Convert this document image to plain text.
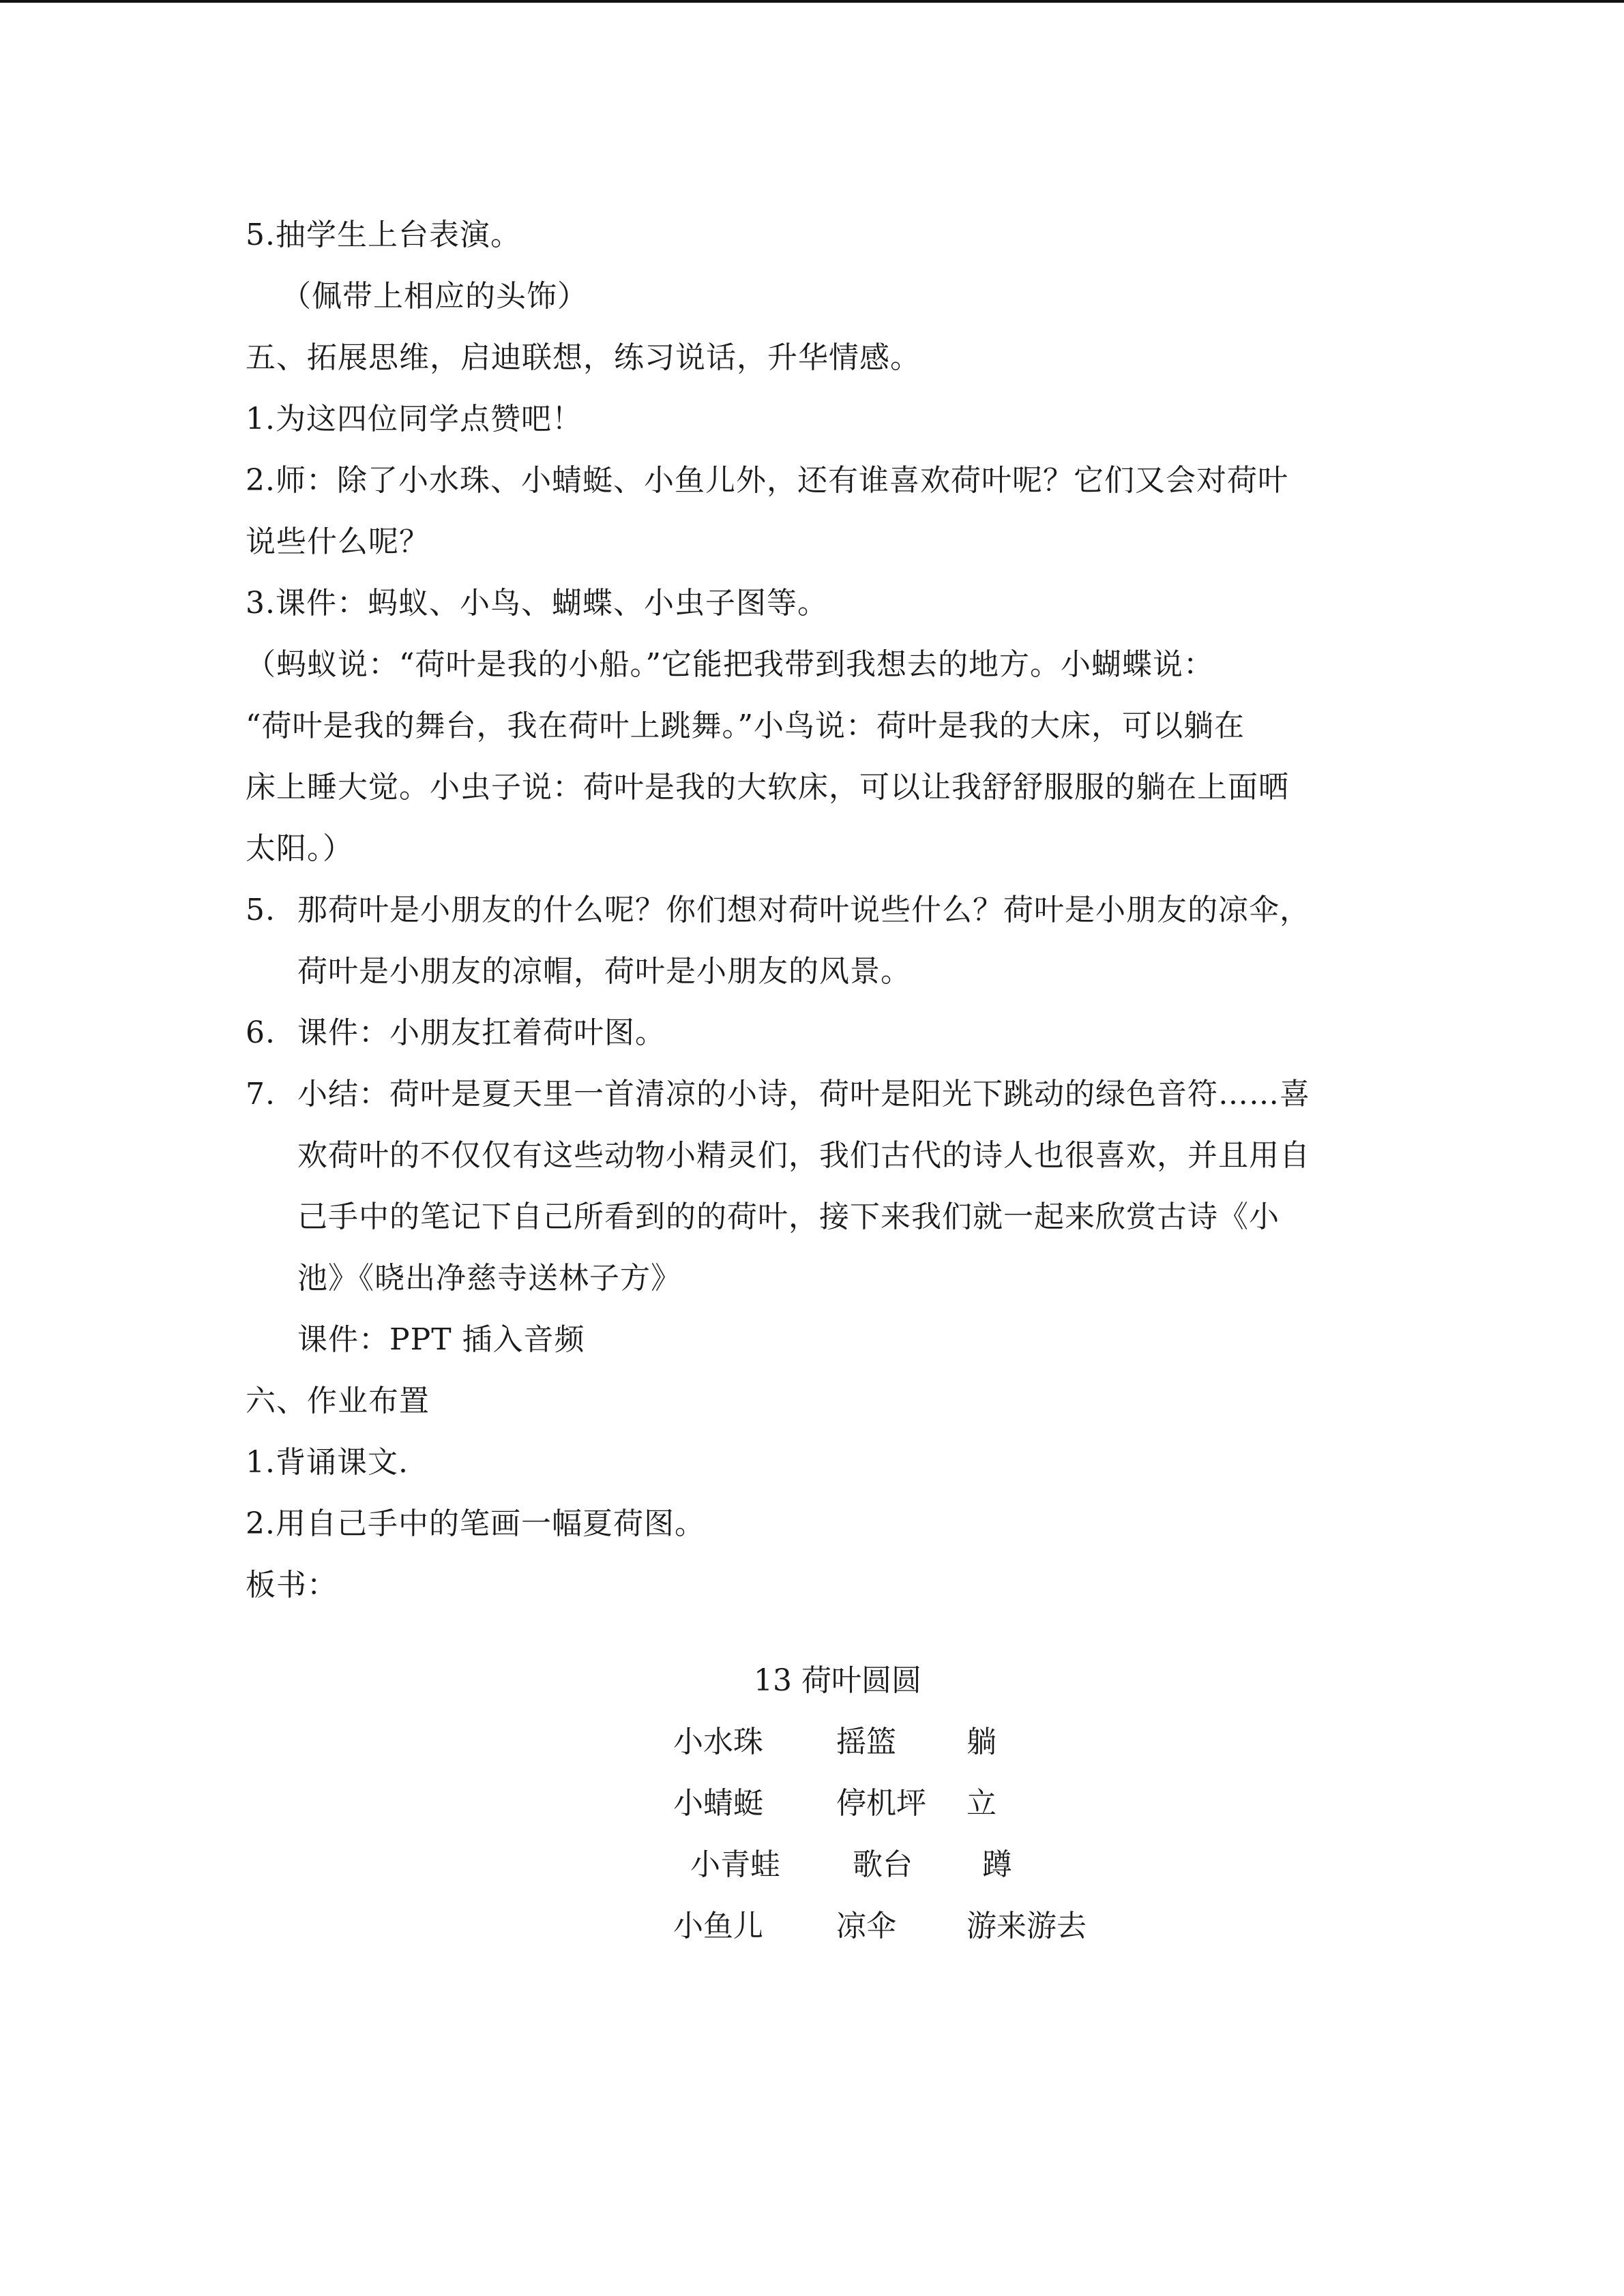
5.抽学生上台表演。
（佩带上相应的头饰）
五、拓展思维，启迪联想，练习说话，升华情感。
1.为这四位同学点赞吧！
2.师：除了小水珠、小蜻蜓、小鱼儿外，还有谁喜欢荷叶呢？它们又会对荷叶
说些什么呢？
3.课件：蚂蚁、小鸟、蝴蝶、小虫子图等。
（蚂蚁说：“荷叶是我的小船。”它能把我带到我想去的地方。小蝴蝶说：
“荷叶是我的舞台，我在荷叶上跳舞。”小鸟说：荷叶是我的大床，可以躺在
床上睡大觉。小虫子说：荷叶是我的大软床，可以让我舒舒服服的躺在上面晒
太阳。）
5. 那荷叶是小朋友的什么呢？你们想对荷叶说些什么？荷叶是小朋友的凉伞，
荷叶是小朋友的凉帽，荷叶是小朋友的风景。
6. 课件：小朋友扛着荷叶图。
7. 小结：荷叶是夏天里一首清凉的小诗，荷叶是阳光下跳动的绿色音符……喜
欢荷叶的不仅仅有这些动物小精灵们，我们古代的诗人也很喜欢，并且用自
己手中的笔记下自己所看到的的荷叶，接下来我们就一起来欣赏古诗《小
池》《晓出净慈寺送林子方》
课件：PPT 插入音频
六、作业布置
1.背诵课文.
2.用自己手中的笔画一幅夏荷图。
板书：
13 荷叶圆圆
小水珠 摇篮 躺
小蜻蜓 停机坪 立
小青蛙 歌台 蹲
小鱼儿 凉伞 游来游去
